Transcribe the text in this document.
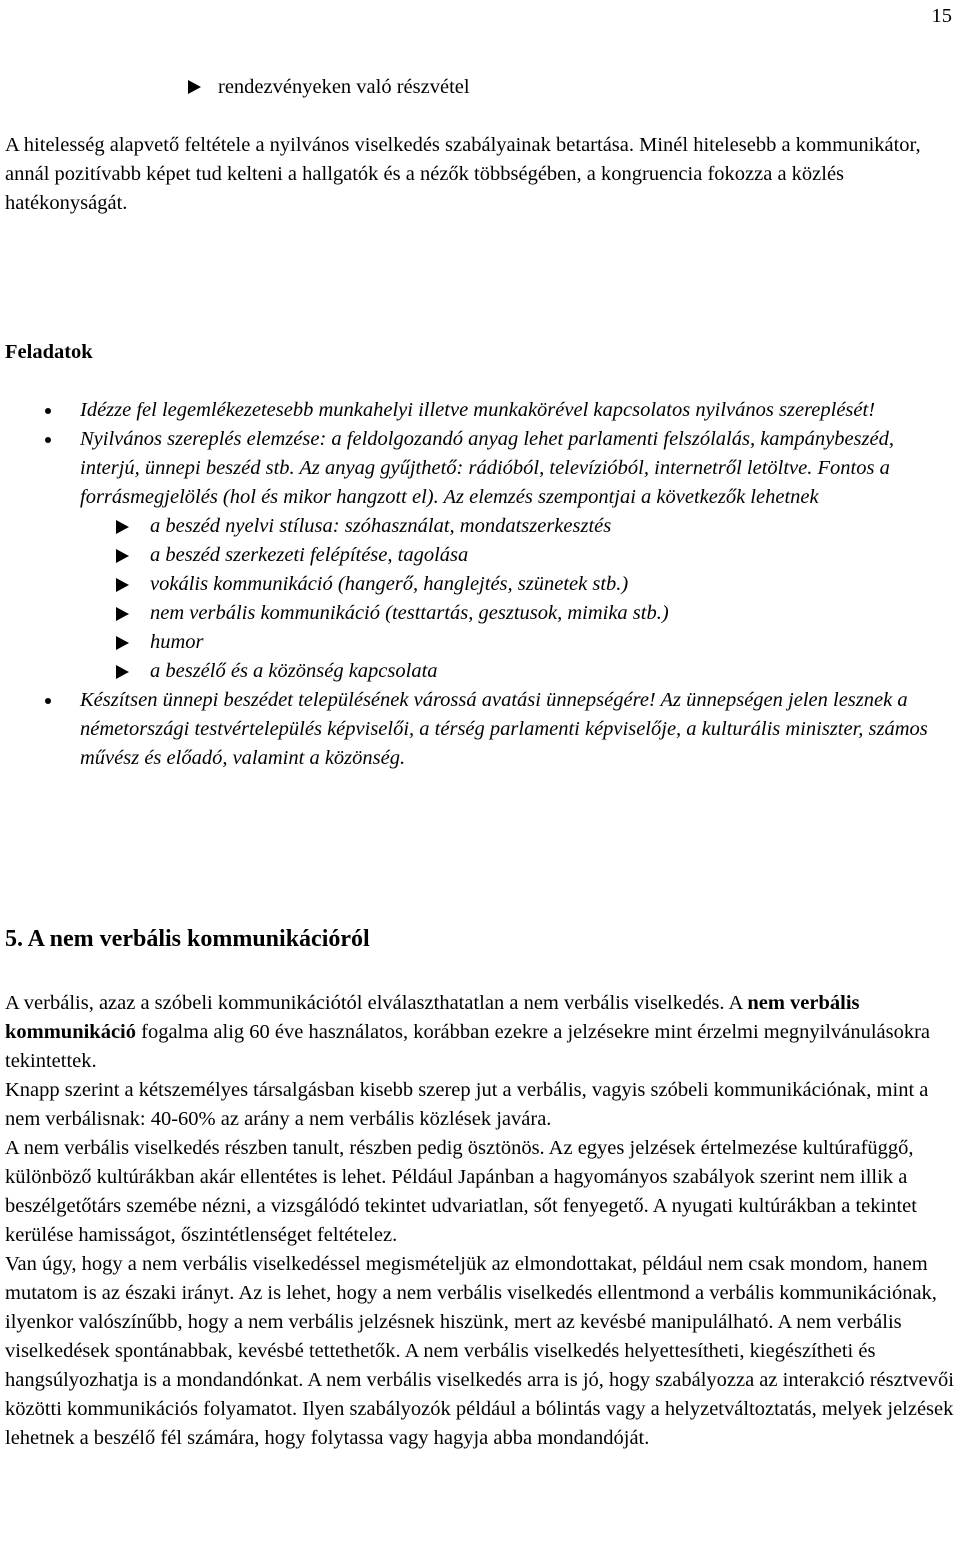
15
rendezvényeken való részvétel

A hitelesség alapvető feltétele a nyilvános viselkedés szabályainak betartása. Minél hitelesebb a kommunikátor, annál pozitívabb képet tud kelteni a hallgatók és a nézők többségében, a kongruencia fokozza a közlés hatékonyságát.

Feladatok
Idézze fel legemlékezetesebb munkahelyi illetve munkakörével kapcsolatos nyilvános szereplését!
Nyilvános szereplés elemzése: a feldolgozandó anyag lehet parlamenti felszólalás, kampánybeszéd, interjú, ünnepi beszéd stb. Az anyag gyűjthető: rádióból, televízióból, internetről letöltve. Fontos a forrásmegjelölés (hol és mikor hangzott el). Az elemzés szempontjai a következők lehetnek
a beszéd nyelvi stílusa: szóhasználat, mondatszerkesztés
a beszéd szerkezeti felépítése, tagolása
vokális kommunikáció (hangerő, hanglejtés, szünetek stb.)
nem verbális kommunikáció (testtartás, gesztusok, mimika stb.)
humor
a beszélő és a közönség kapcsolata
Készítsen ünnepi beszédet településének várossá avatási ünnepségére! Az ünnepségen jelen lesznek a németországi testvértelepülés képviselői, a térség parlamenti képviselője, a kulturális miniszter, számos művész és előadó, valamint a közönség.
5. A nem verbális kommunikációról

A verbális, azaz a szóbeli kommunikációtól elválaszthatatlan a nem verbális viselkedés. A nem verbális kommunikáció fogalma alig 60 éve használatos, korábban ezekre a jelzésekre mint érzelmi megnyilvánulásokra tekintettek.

Knapp szerint a kétszemélyes társalgásban kisebb szerep jut a verbális, vagyis szóbeli kommunikációnak, mint a nem verbálisnak: 40-60% az arány a nem verbális közlések javára.

A nem verbális viselkedés részben tanult, részben pedig ösztönös. Az egyes jelzések értelmezése kultúrafüggő, különböző kultúrákban akár ellentétes is lehet. Például Japánban a hagyományos szabályok szerint nem illik a beszélgetőtárs szemébe nézni, a vizsgálódó tekintet udvariatlan, sőt fenyegető. A nyugati kultúrákban a tekintet kerülése hamisságot, őszintétlenséget feltételez.

Van úgy, hogy a nem verbális viselkedéssel megismételjük az elmondottakat, például nem csak mondom, hanem mutatom is az északi irányt. Az is lehet, hogy a nem verbális viselkedés ellentmond a verbális kommunikációnak, ilyenkor valószínűbb, hogy a nem verbális jelzésnek hiszünk, mert az kevésbé manipulálható. A nem verbális viselkedések spontánabbak, kevésbé tettethetők. A nem verbális viselkedés helyettesítheti, kiegészítheti és hangsúlyozhatja is a mondandónkat. A nem verbális viselkedés arra is jó, hogy szabályozza az interakció résztvevői közötti kommunikációs folyamatot. Ilyen szabályozók például a bólintás vagy a helyzetváltoztatás, melyek jelzések lehetnek a beszélő fél számára, hogy folytassa vagy hagyja abba mondandóját.
